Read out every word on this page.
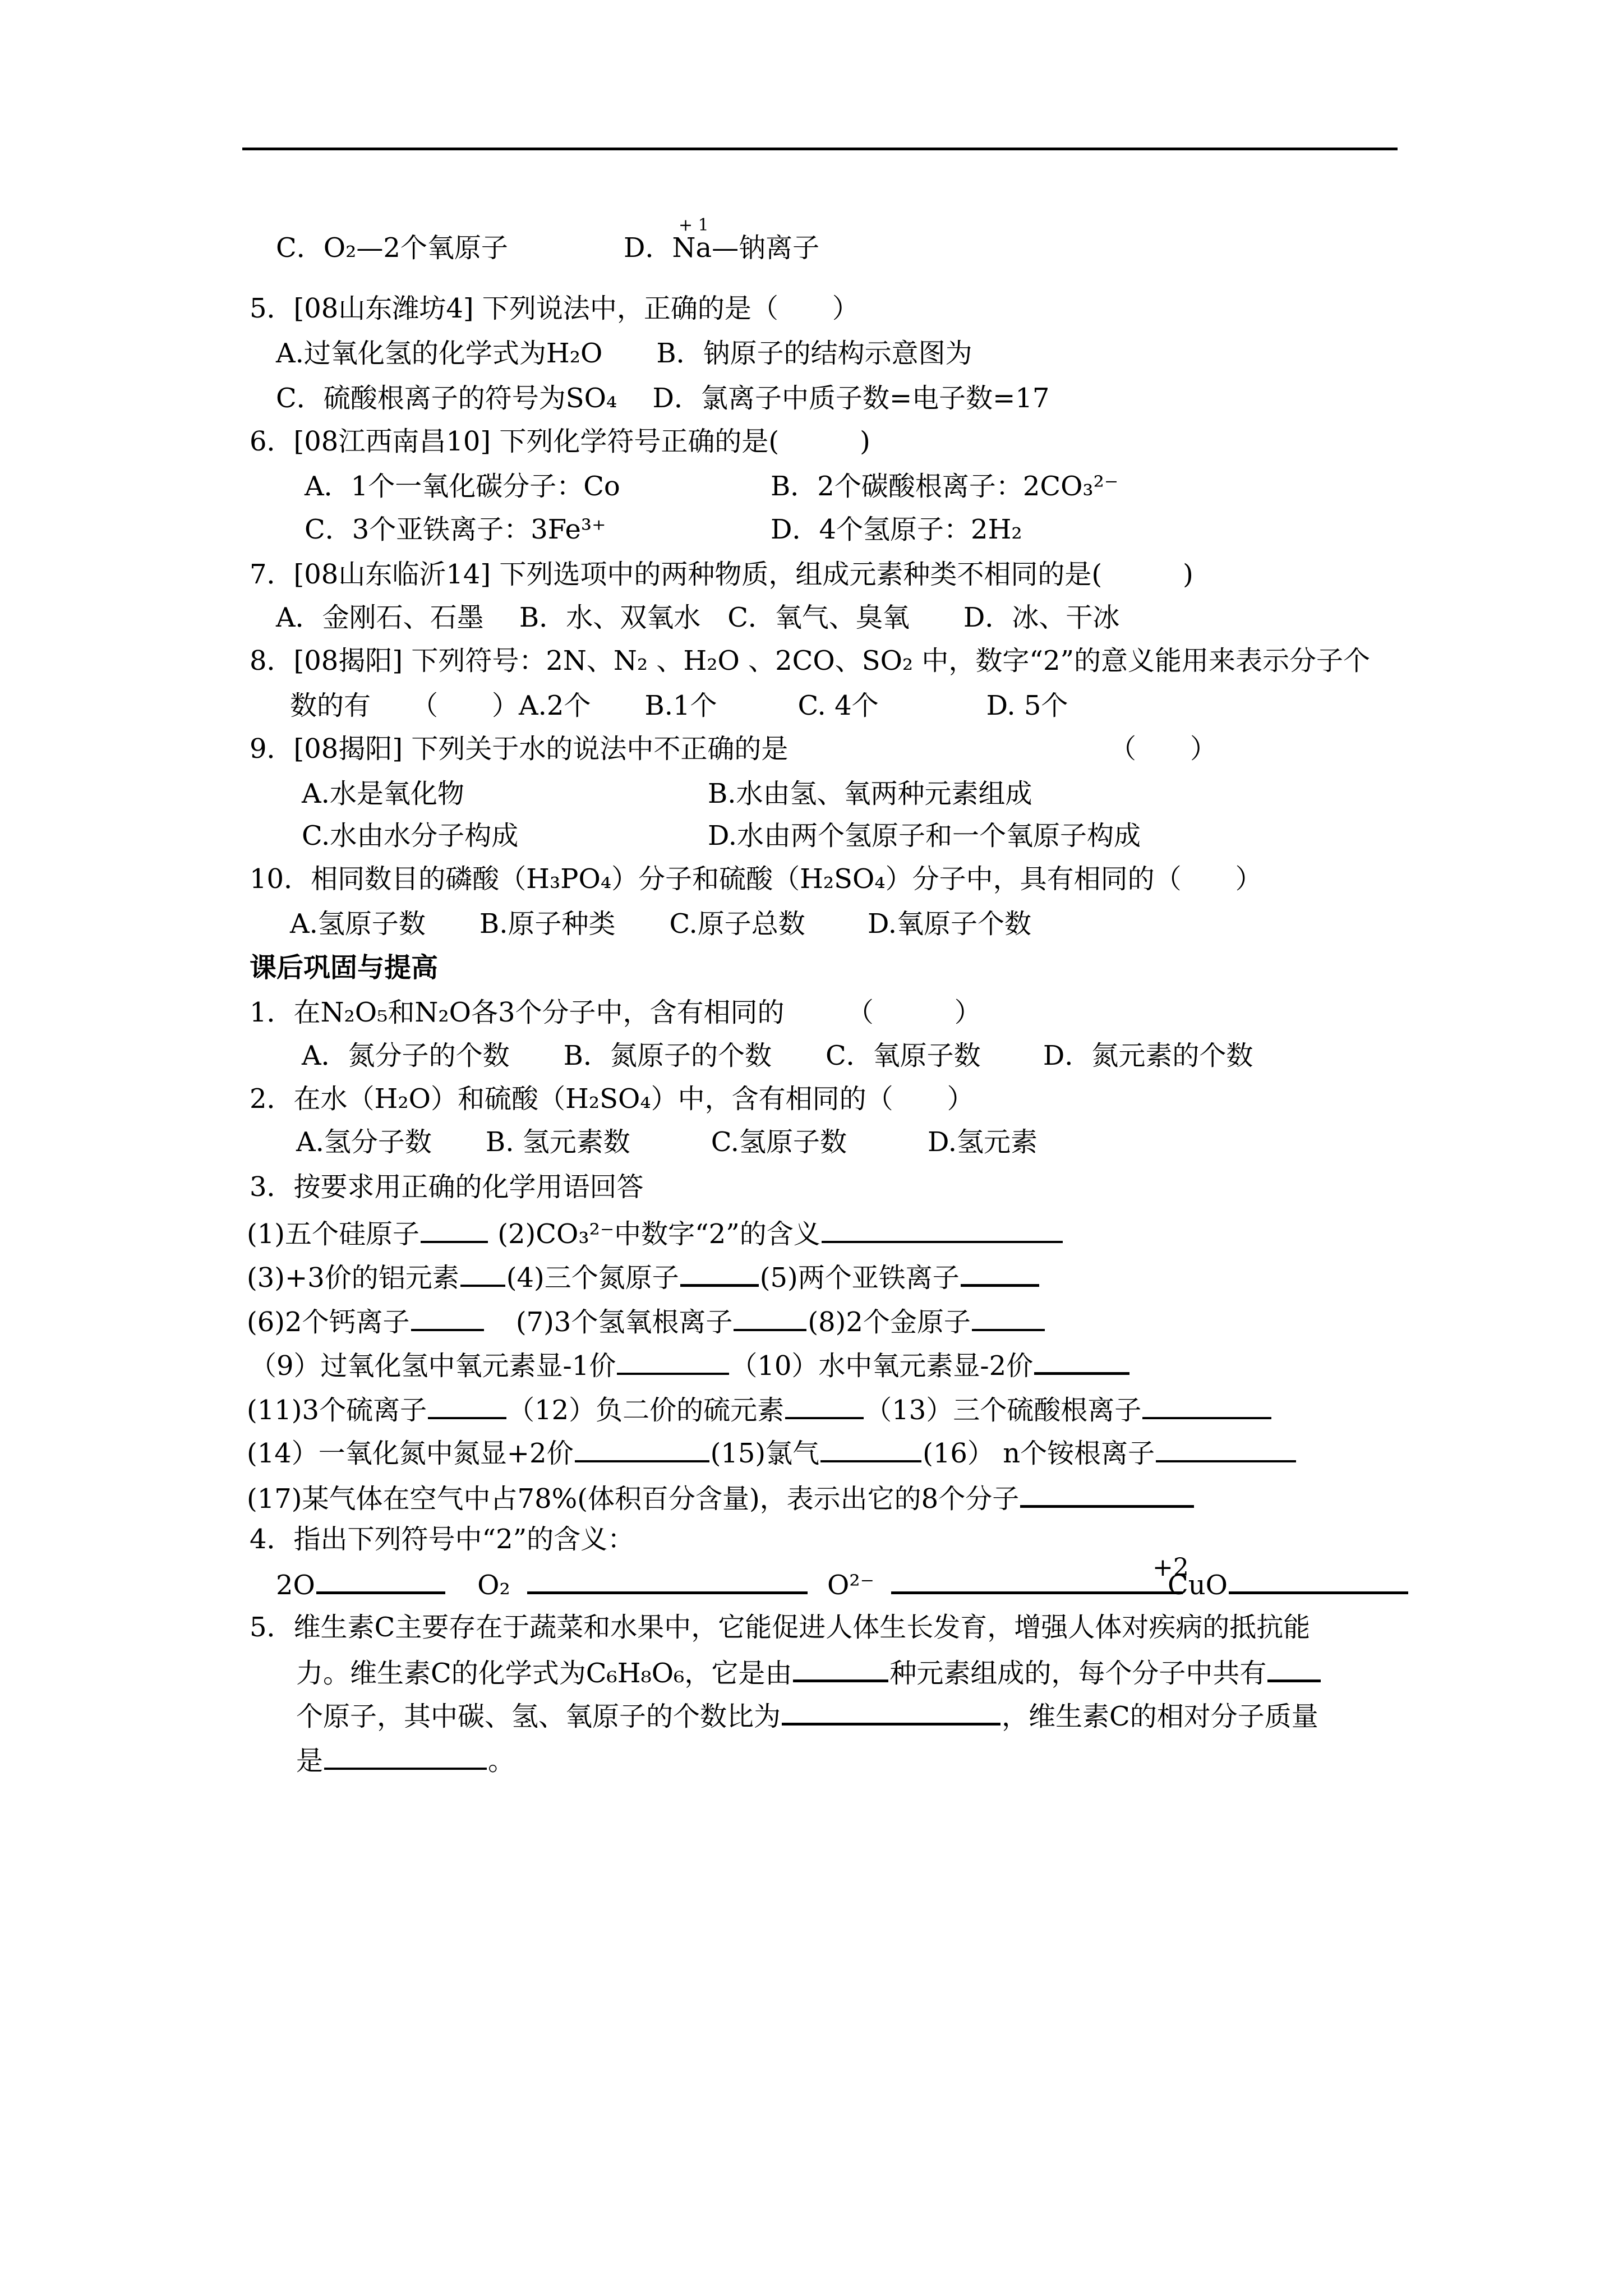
C．O₂—2个氧原子
+ 1
D．Na—钠离子
5．[08山东潍坊4] 下列说法中，正确的是（　　）
A.过氧化氢的化学式为H₂O　　B．钠原子的结构示意图为
C．硫酸根离子的符号为SO₄　 D．氯离子中质子数=电子数=17
6．[08江西南昌10] 下列化学符号正确的是(　　　)
A．1个一氧化碳分子：Co	B．2个碳酸根离子：2CO₃²⁻
C．3个亚铁离子：3Fe³⁺	D．4个氢原子：2H₂
7．[08山东临沂14] 下列选项中的两种物质，组成元素种类不相同的是(　　　)
A．金刚石、石墨　 B．水、双氧水　C．氧气、臭氧　　D．冰、干冰
8．[08揭阳] 下列符号：2N、N₂ 、H₂O 、2CO、SO₂ 中，数字“2”的意义能用来表示分子个
数的有　　（　　）A.2个　　B.1个　　　C. 4个　　　　D. 5个
9．[08揭阳] 下列关于水的说法中不正确的是	（　　）
A.水是氧化物	B.水由氢、氧两种元素组成
C.水由水分子构成	D.水由两个氢原子和一个氧原子构成
10．相同数目的磷酸（H₃PO₄）分子和硫酸（H₂SO₄）分子中，具有相同的（　　）
A.氢原子数　　B.原子种类　　C.原子总数　　 D.氧原子个数
课后巩固与提高
1．在N₂O₅和N₂O各3个分子中，含有相同的　　 （　　　）
A．氮分子的个数　　B．氮原子的个数　　C．氧原子数　　 D．氮元素的个数
2．在水（H₂O）和硫酸（H₂SO₄）中，含有相同的（　　）
A.氢分子数　　B. 氢元素数　　　C.氢原子数　　　D.氢元素
3．按要求用正确的化学用语回答
(1)五个硅原子	(2)CO₃²⁻中数字“2”的含义
(3)+3价的铝元素 (4)三个氮原子	(5)两个亚铁离子
(6)2个钙离子	(7)3个氢氧根离子	(8)2个金原子
（9）过氧化氢中氧元素显-1价	（10）水中氧元素显-2价
(11)3个硫离子	（12）负二价的硫元素	（13）三个硫酸根离子
(14）一氧化氮中氮显+2价	(15)氯气	(16） n个铵根离子
(17)某气体在空气中占78%(体积百分含量)，表示出它的8个分子
4．指出下列符号中“2”的含义：
2O	O₂	O²⁻
+2
CuO
5．维生素C主要存在于蔬菜和水果中，它能促进人体生长发育，增强人体对疾病的抵抗能
力。维生素C的化学式为C₆H₈O₆，它是由	种元素组成的，每个分子中共有
个原子，其中碳、氢、氧原子的个数比为	，维生素C的相对分子质量
是	。
